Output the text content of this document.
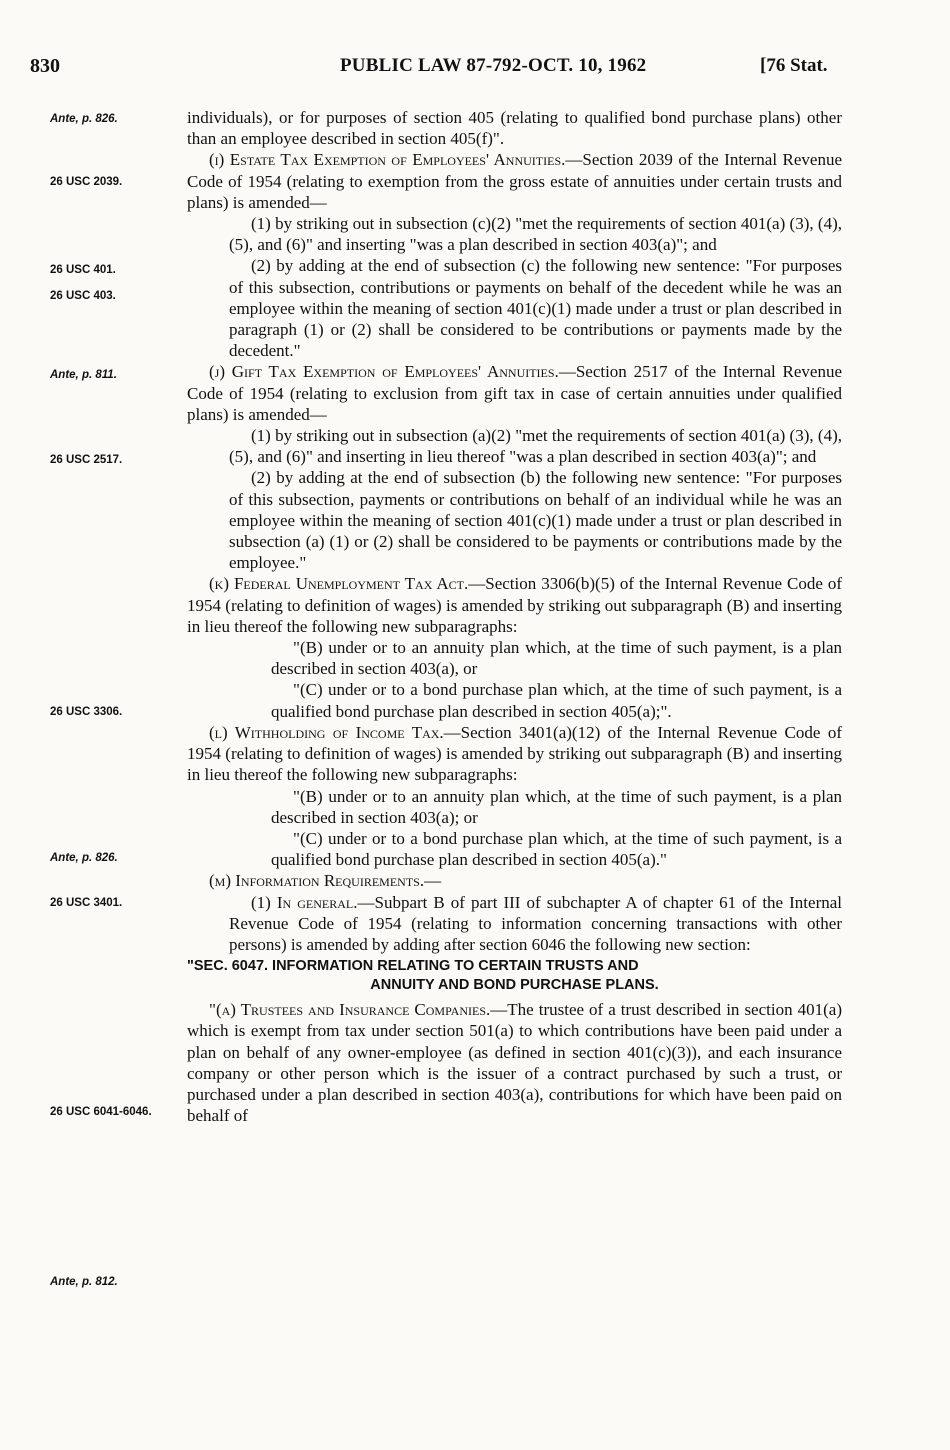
830	PUBLIC LAW 87-792-OCT. 10, 1962	[76 Stat.
Ante, p. 826.
26 USC 2039.
26 USC 401.
26 USC 403.
Ante, p. 811.
26 USC 2517.
26 USC 3306.
Ante, p. 826.
26 USC 3401.
26 USC 6041-6046.
Ante, p. 812.

individuals), or for purposes of section 405 (relating to qualified bond purchase plans) other than an employee described in section 405(f)".

(i) Estate Tax Exemption of Employees' Annuities.—Section 2039 of the Internal Revenue Code of 1954 (relating to exemption from the gross estate of annuities under certain trusts and plans) is amended—

(1) by striking out in subsection (c)(2) "met the requirements of section 401(a) (3), (4), (5), and (6)" and inserting "was a plan described in section 403(a)"; and

(2) by adding at the end of subsection (c) the following new sentence: "For purposes of this subsection, contributions or payments on behalf of the decedent while he was an employee within the meaning of section 401(c)(1) made under a trust or plan described in paragraph (1) or (2) shall be considered to be contributions or payments made by the decedent."

(j) Gift Tax Exemption of Employees' Annuities.—Section 2517 of the Internal Revenue Code of 1954 (relating to exclusion from gift tax in case of certain annuities under qualified plans) is amended—

(1) by striking out in subsection (a)(2) "met the requirements of section 401(a) (3), (4), (5), and (6)" and inserting in lieu thereof "was a plan described in section 403(a)"; and

(2) by adding at the end of subsection (b) the following new sentence: "For purposes of this subsection, payments or contributions on behalf of an individual while he was an employee within the meaning of section 401(c)(1) made under a trust or plan described in subsection (a) (1) or (2) shall be considered to be payments or contributions made by the employee."

(k) Federal Unemployment Tax Act.—Section 3306(b)(5) of the Internal Revenue Code of 1954 (relating to definition of wages) is amended by striking out subparagraph (B) and inserting in lieu thereof the following new subparagraphs:

"(B) under or to an annuity plan which, at the time of such payment, is a plan described in section 403(a), or

"(C) under or to a bond purchase plan which, at the time of such payment, is a qualified bond purchase plan described in section 405(a);".

(l) Withholding of Income Tax.—Section 3401(a)(12) of the Internal Revenue Code of 1954 (relating to definition of wages) is amended by striking out subparagraph (B) and inserting in lieu thereof the following new subparagraphs:

"(B) under or to an annuity plan which, at the time of such payment, is a plan described in section 403(a); or

"(C) under or to a bond purchase plan which, at the time of such payment, is a qualified bond purchase plan described in section 405(a)."

(m) Information Requirements.—

(1) In general.—Subpart B of part III of subchapter A of chapter 61 of the Internal Revenue Code of 1954 (relating to information concerning transactions with other persons) is amended by adding after section 6046 the following new section:

"SEC. 6047. INFORMATION RELATING TO CERTAIN TRUSTS AND
ANNUITY AND BOND PURCHASE PLANS.

"(a) Trustees and Insurance Companies.—The trustee of a trust described in section 401(a) which is exempt from tax under section 501(a) to which contributions have been paid under a plan on behalf of any owner-employee (as defined in section 401(c)(3)), and each insurance company or other person which is the issuer of a contract purchased by such a trust, or purchased under a plan described in section 403(a), contributions for which have been paid on behalf of
